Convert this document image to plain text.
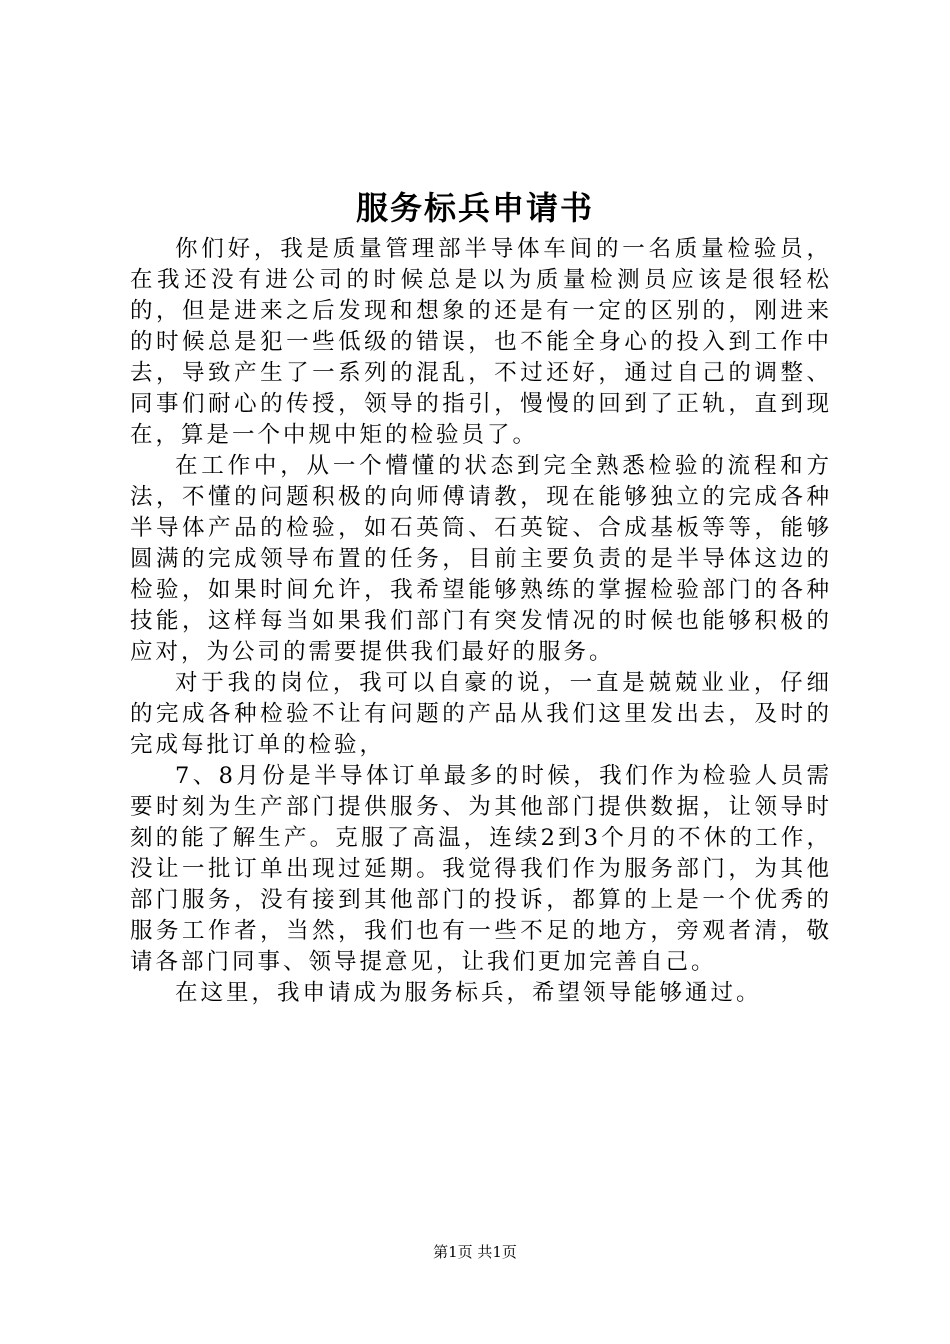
服务标兵申请书

你们好，我是质量管理部半导体车间的一名质量检验员，在我还没有进公司的时候总是以为质量检测员应该是很轻松的，但是进来之后发现和想象的还是有一定的区别的，刚进来的时候总是犯一些低级的错误，也不能全身心的投入到工作中去，导致产生了一系列的混乱，不过还好，通过自己的调整、同事们耐心的传授，领导的指引，慢慢的回到了正轨，直到现在，算是一个中规中矩的检验员了。

在工作中，从一个懵懂的状态到完全熟悉检验的流程和方法，不懂的问题积极的向师傅请教，现在能够独立的完成各种半导体产品的检验，如石英筒、石英锭、合成基板等等，能够圆满的完成领导布置的任务，目前主要负责的是半导体这边的检验，如果时间允许，我希望能够熟练的掌握检验部门的各种技能，这样每当如果我们部门有突发情况的时候也能够积极的应对，为公司的需要提供我们最好的服务。

对于我的岗位，我可以自豪的说，一直是兢兢业业，仔细的完成各种检验不让有问题的产品从我们这里发出去，及时的完成每批订单的检验，

7、8月份是半导体订单最多的时候，我们作为检验人员需要时刻为生产部门提供服务、为其他部门提供数据，让领导时刻的能了解生产。克服了高温，连续2到3个月的不休的工作，没让一批订单出现过延期。我觉得我们作为服务部门，为其他部门服务，没有接到其他部门的投诉，都算的上是一个优秀的服务工作者，当然，我们也有一些不足的地方，旁观者清，敬请各部门同事、领导提意见，让我们更加完善自己。

在这里，我申请成为服务标兵，希望领导能够通过。

第1页 共1页
